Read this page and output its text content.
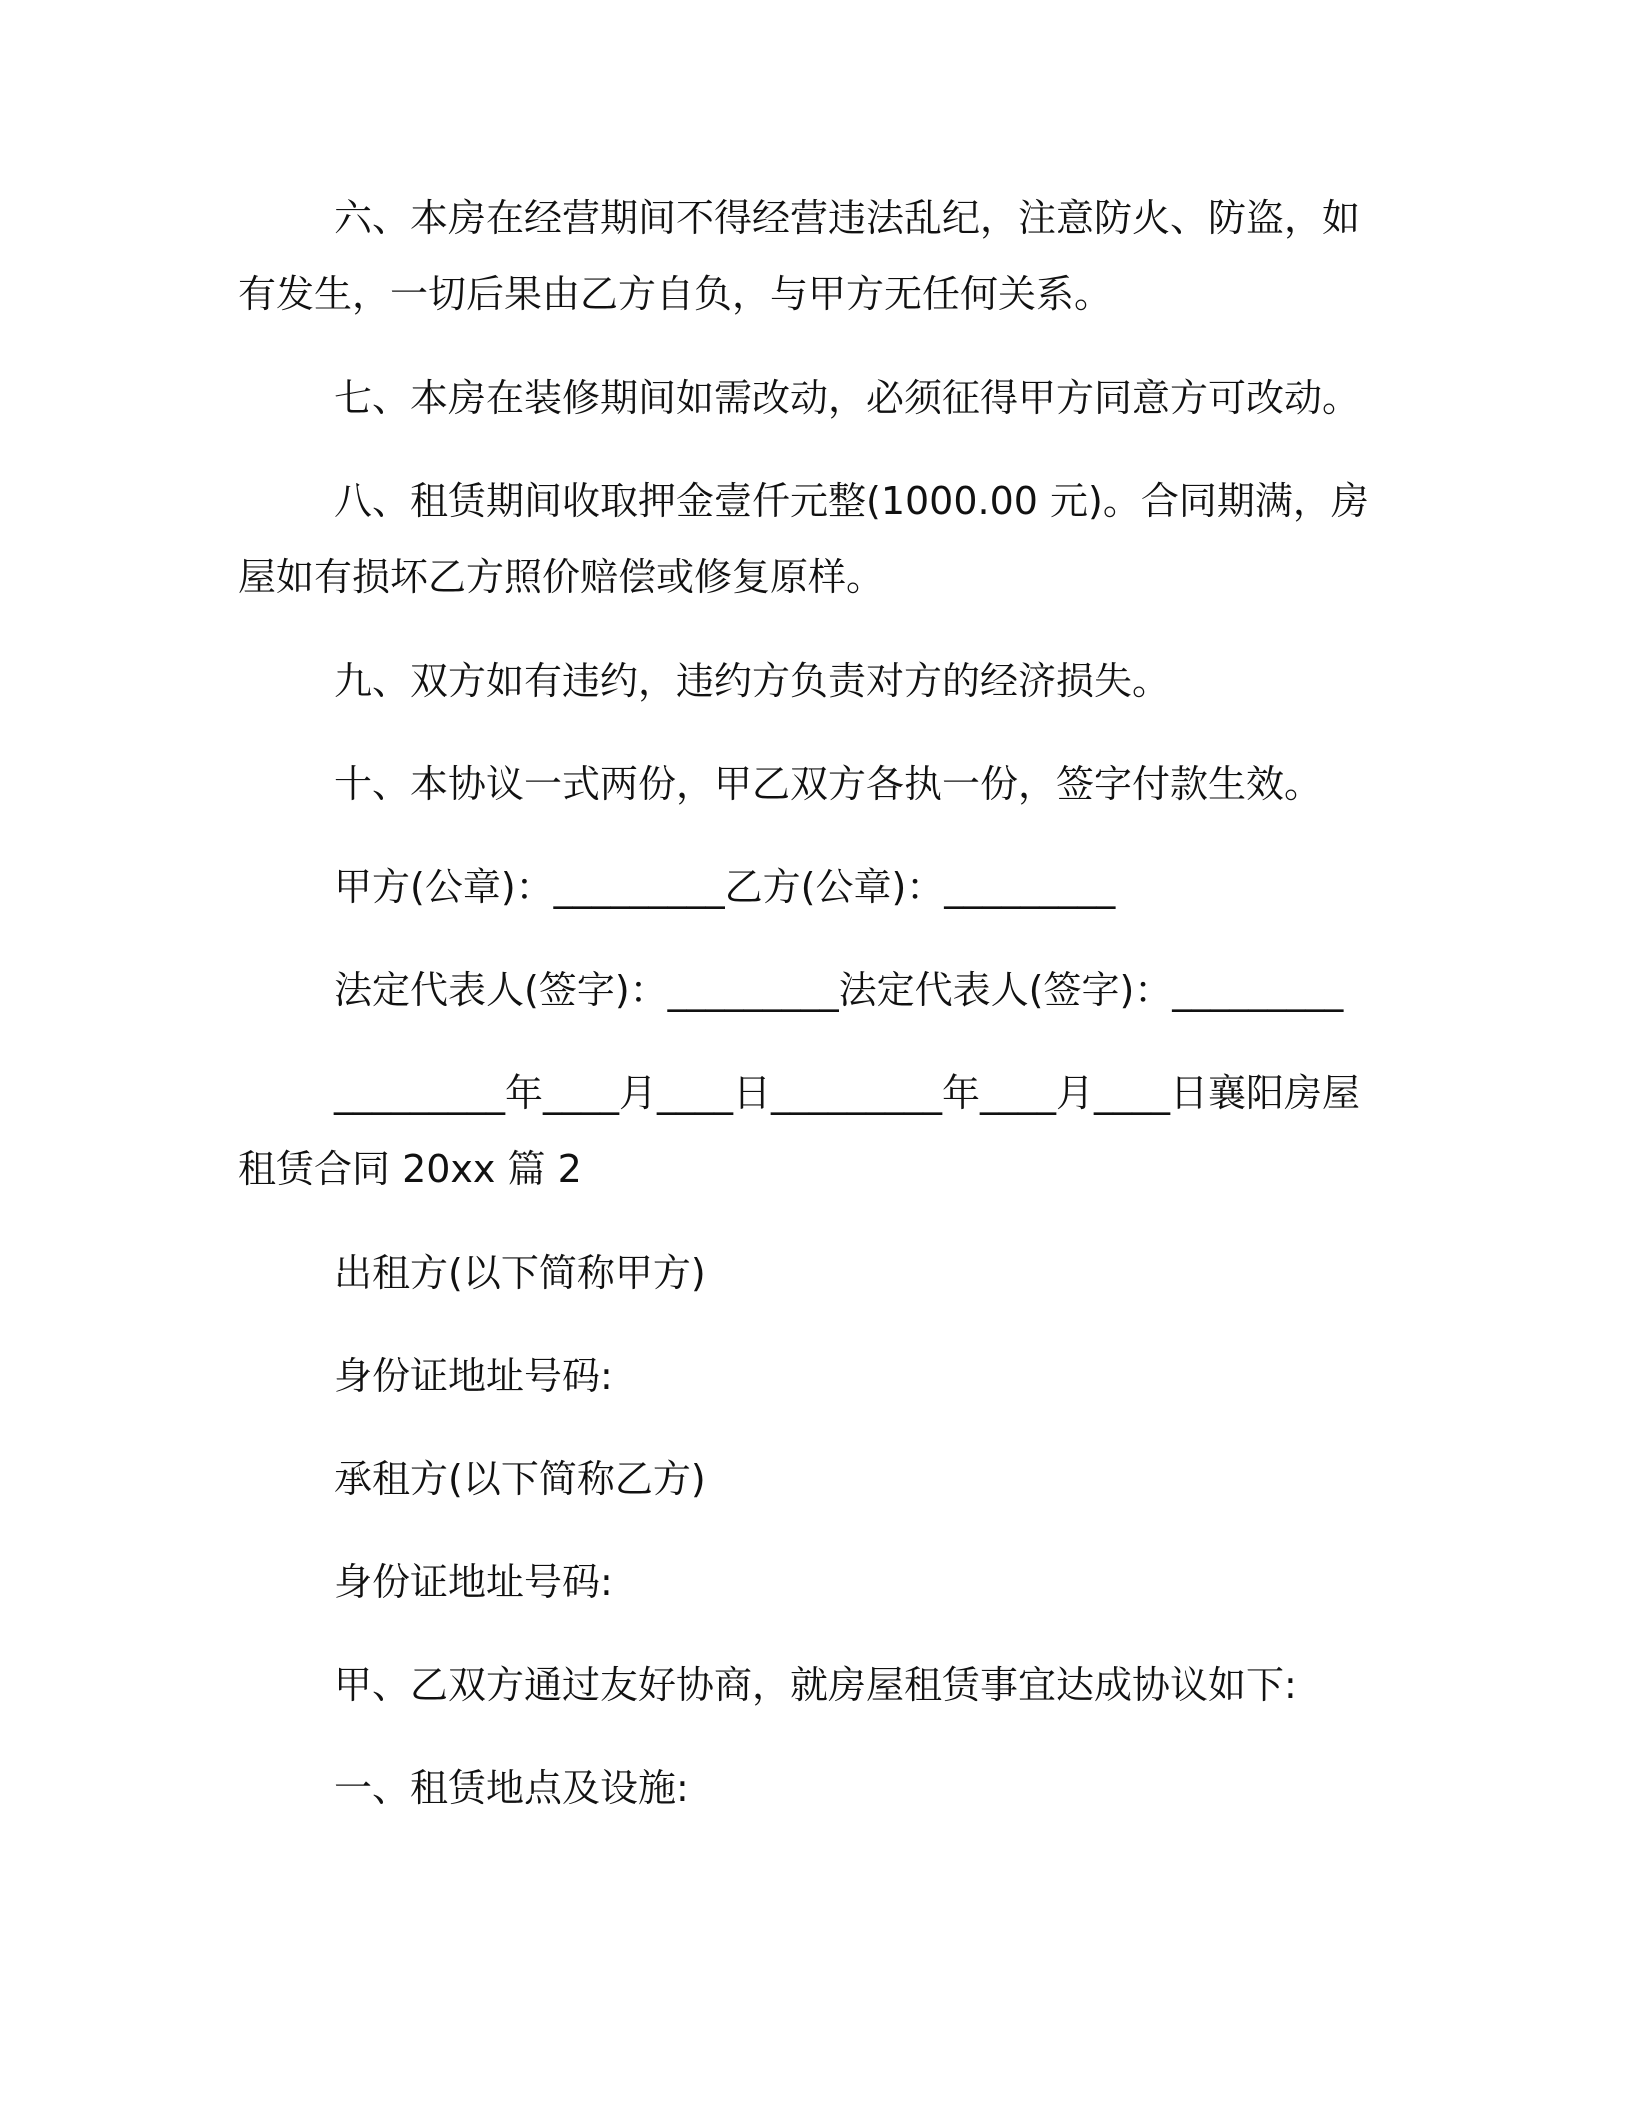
六、本房在经营期间不得经营违法乱纪，注意防火、防盗，如有发生，一切后果由乙方自负，与甲方无任何关系。

七、本房在装修期间如需改动，必须征得甲方同意方可改动。

八、租赁期间收取押金壹仟元整(1000.00 元)。合同期满，房屋如有损坏乙方照价赔偿或修复原样。

九、双方如有违约，违约方负责对方的经济损失。

十、本协议一式两份，甲乙双方各执一份，签字付款生效。

甲方(公章)：_________乙方(公章)：_________

法定代表人(签字)：_________法定代表人(签字)：_________

_________年____月____日_________年____月____日襄阳房屋租赁合同 20xx 篇 2

出租方(以下简称甲方)

身份证地址号码:

承租方(以下简称乙方)

身份证地址号码:

甲、乙双方通过友好协商，就房屋租赁事宜达成协议如下:

一、租赁地点及设施:
